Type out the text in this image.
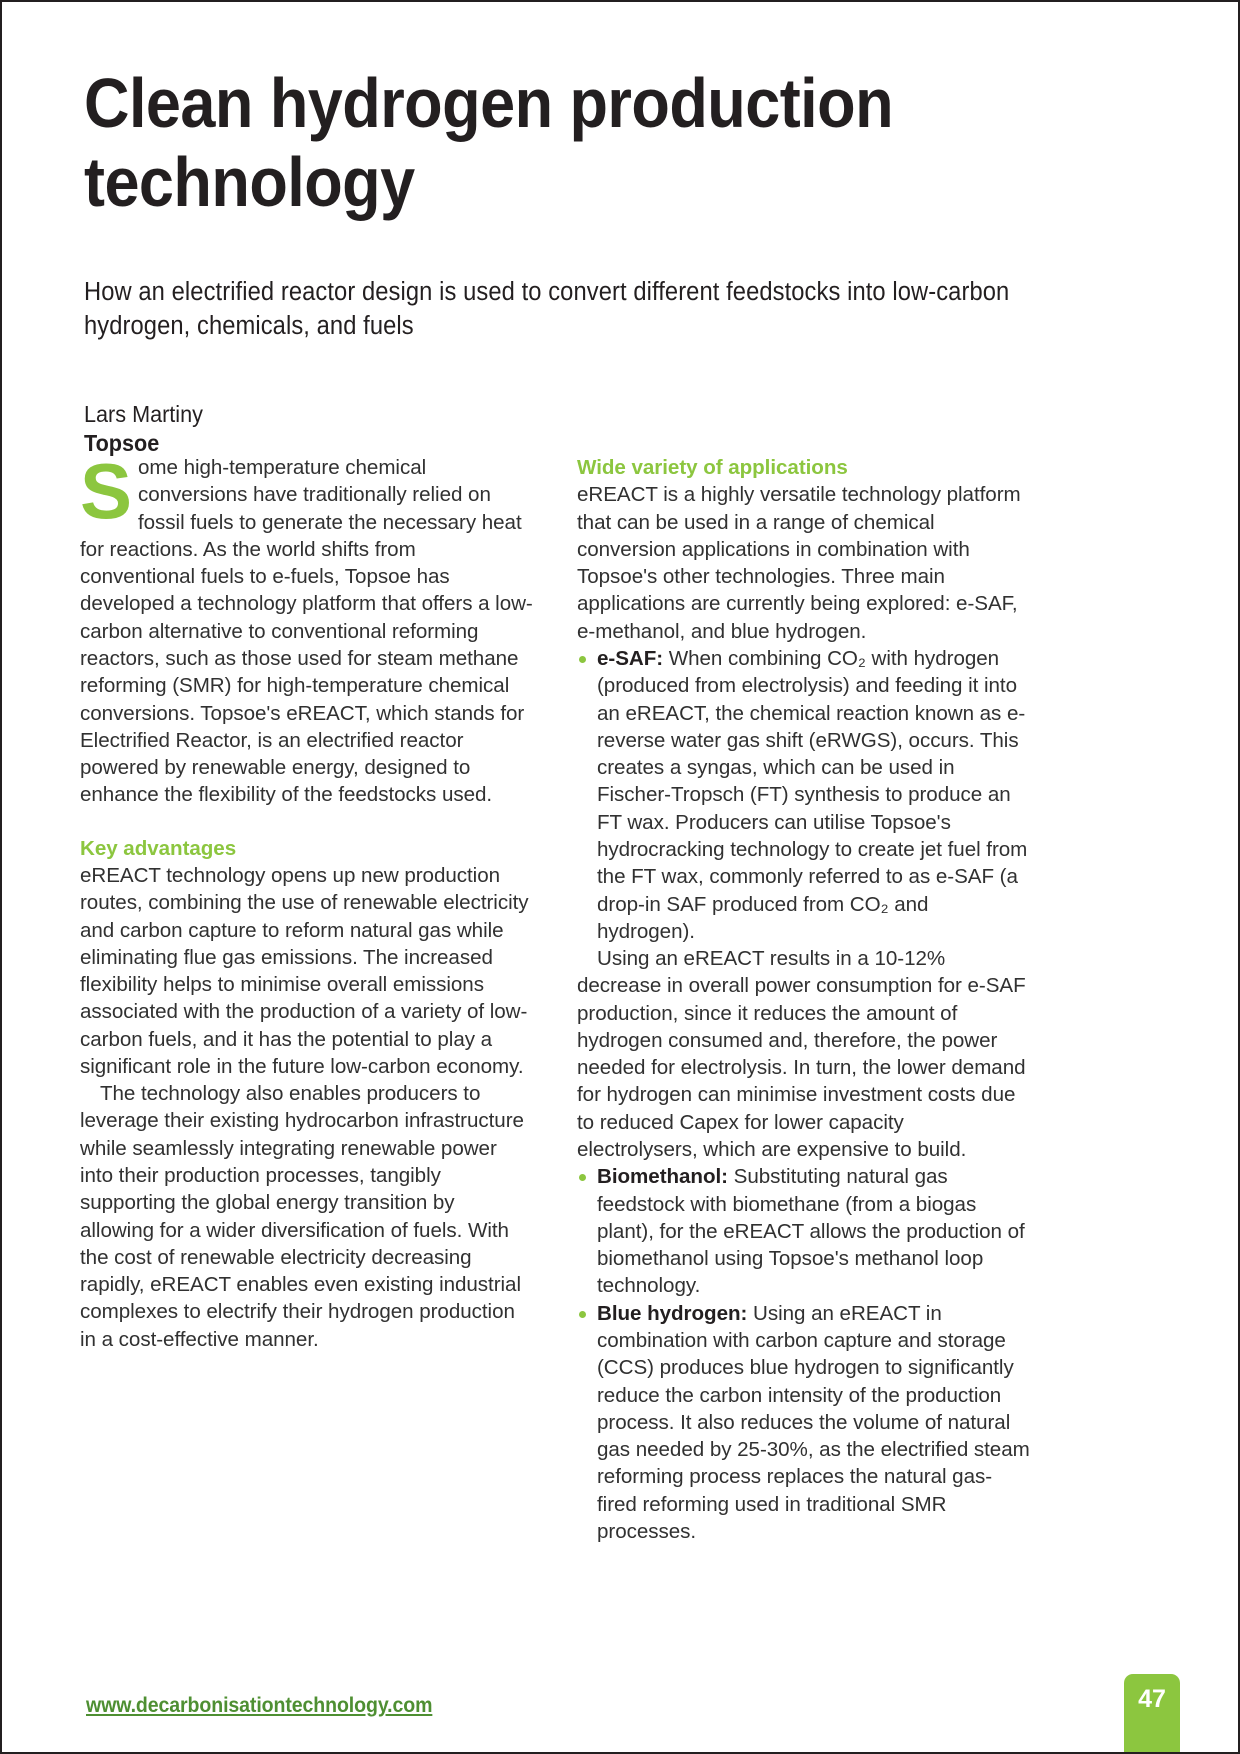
Clean hydrogen production technology
How an electrified reactor design is used to convert different feedstocks into low-carbon hydrogen, chemicals, and fuels
Lars Martiny
Topsoe

Some high-temperature chemical conversions have traditionally relied on fossil fuels to generate the necessary heat for reactions. As the world shifts from conventional fuels to e-fuels, Topsoe has developed a technology platform that offers a low-carbon alternative to conventional reforming reactors, such as those used for steam methane reforming (SMR) for high-temperature chemical conversions. Topsoe's eREACT, which stands for Electrified Reactor, is an electrified reactor powered by renewable energy, designed to enhance the flexibility of the feedstocks used.

Key advantages

eREACT technology opens up new production routes, combining the use of renewable electricity and carbon capture to reform natural gas while eliminating flue gas emissions. The increased flexibility helps to minimise overall emissions associated with the production of a variety of low-carbon fuels, and it has the potential to play a significant role in the future low-carbon economy.

The technology also enables producers to leverage their existing hydrocarbon infrastructure while seamlessly integrating renewable power into their production processes, tangibly supporting the global energy transition by allowing for a wider diversification of fuels. With the cost of renewable electricity decreasing rapidly, eREACT enables even existing industrial complexes to electrify their hydrogen production in a cost-effective manner.

Wide variety of applications

eREACT is a highly versatile technology platform that can be used in a range of chemical conversion applications in combination with Topsoe's other technologies. Three main applications are currently being explored: e-SAF, e-methanol, and blue hydrogen.

e-SAF: When combining CO₂ with hydrogen (produced from electrolysis) and feeding it into an eREACT, the chemical reaction known as e-reverse water gas shift (eRWGS), occurs. This creates a syngas, which can be used in Fischer-Tropsch (FT) synthesis to produce an FT wax. Producers can utilise Topsoe's hydrocracking technology to create jet fuel from the FT wax, commonly referred to as e-SAF (a drop-in SAF produced from CO₂ and hydrogen).

Using an eREACT results in a 10-12% decrease in overall power consumption for e-SAF production, since it reduces the amount of hydrogen consumed and, therefore, the power needed for electrolysis. In turn, the lower demand for hydrogen can minimise investment costs due to reduced Capex for lower capacity electrolysers, which are expensive to build.

Biomethanol: Substituting natural gas feedstock with biomethane (from a biogas plant), for the eREACT allows the production of biomethanol using Topsoe's methanol loop technology.

Blue hydrogen: Using an eREACT in combination with carbon capture and storage (CCS) produces blue hydrogen to significantly reduce the carbon intensity of the production process. It also reduces the volume of natural gas needed by 25-30%, as the electrified steam reforming process replaces the natural gas-fired reforming used in traditional SMR processes.

www.decarbonisationtechnology.com	47
